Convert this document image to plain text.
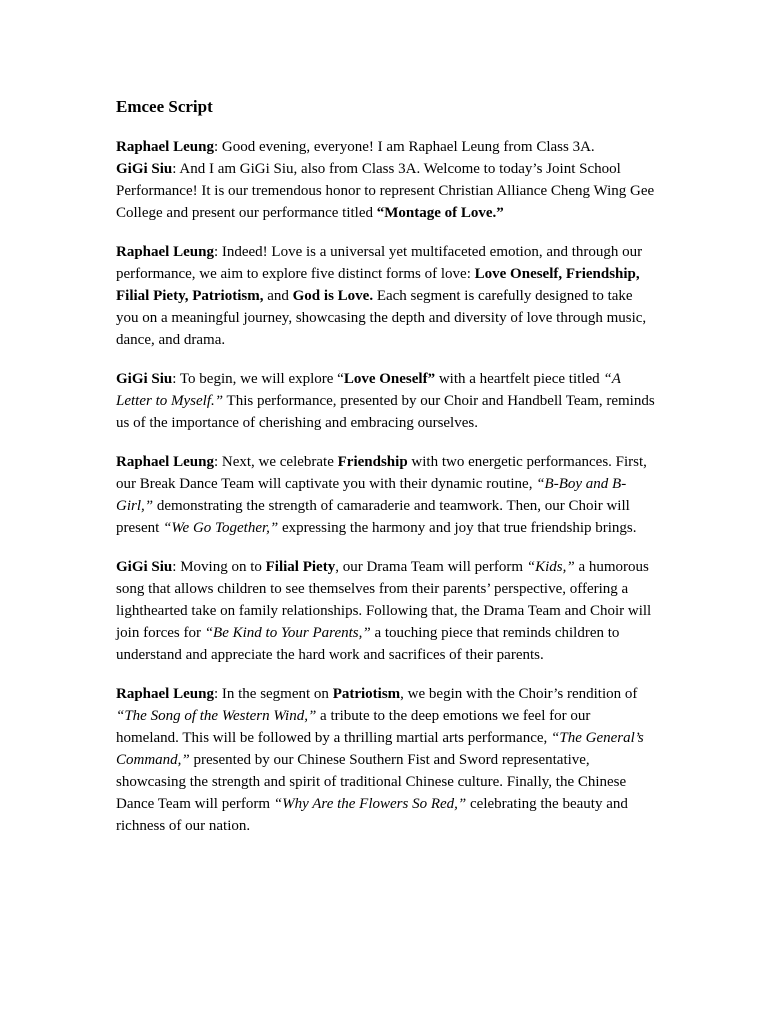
Emcee Script
Raphael Leung: Good evening, everyone! I am Raphael Leung from Class 3A.
GiGi Siu: And I am GiGi Siu, also from Class 3A. Welcome to today’s Joint School Performance! It is our tremendous honor to represent Christian Alliance Cheng Wing Gee College and present our performance titled “Montage of Love.”
Raphael Leung: Indeed! Love is a universal yet multifaceted emotion, and through our performance, we aim to explore five distinct forms of love: Love Oneself, Friendship, Filial Piety, Patriotism, and God is Love. Each segment is carefully designed to take you on a meaningful journey, showcasing the depth and diversity of love through music, dance, and drama.
GiGi Siu: To begin, we will explore “Love Oneself” with a heartfelt piece titled “A Letter to Myself.” This performance, presented by our Choir and Handbell Team, reminds us of the importance of cherishing and embracing ourselves.
Raphael Leung: Next, we celebrate Friendship with two energetic performances. First, our Break Dance Team will captivate you with their dynamic routine, “B-Boy and B-Girl,” demonstrating the strength of camaraderie and teamwork. Then, our Choir will present “We Go Together,” expressing the harmony and joy that true friendship brings.
GiGi Siu: Moving on to Filial Piety, our Drama Team will perform “Kids,” a humorous song that allows children to see themselves from their parents’ perspective, offering a lighthearted take on family relationships. Following that, the Drama Team and Choir will join forces for “Be Kind to Your Parents,” a touching piece that reminds children to understand and appreciate the hard work and sacrifices of their parents.
Raphael Leung: In the segment on Patriotism, we begin with the Choir’s rendition of “The Song of the Western Wind,” a tribute to the deep emotions we feel for our homeland. This will be followed by a thrilling martial arts performance, “The General’s Command,” presented by our Chinese Southern Fist and Sword representative, showcasing the strength and spirit of traditional Chinese culture. Finally, the Chinese Dance Team will perform “Why Are the Flowers So Red,” celebrating the beauty and richness of our nation.
